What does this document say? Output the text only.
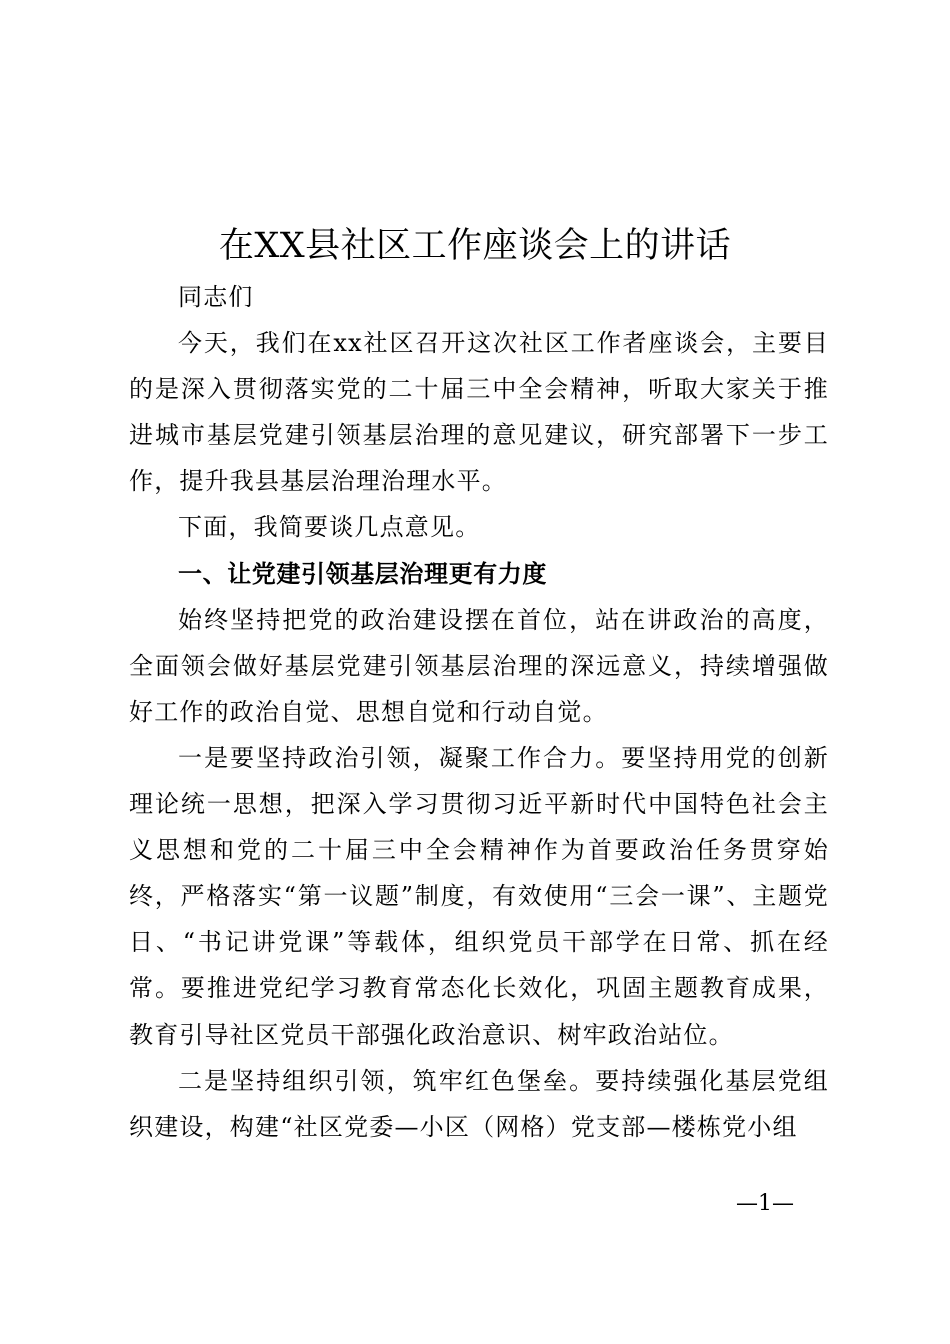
在XX县社区工作座谈会上的讲话

同志们

今天，我们在xx社区召开这次社区工作者座谈会，主要目的是深入贯彻落实党的二十届三中全会精神，听取大家关于推进城市基层党建引领基层治理的意见建议，研究部署下一步工作，提升我县基层治理治理水平。

下面，我简要谈几点意见。

一、让党建引领基层治理更有力度

始终坚持把党的政治建设摆在首位，站在讲政治的高度，全面领会做好基层党建引领基层治理的深远意义，持续增强做好工作的政治自觉、思想自觉和行动自觉。

一是要坚持政治引领，凝聚工作合力。要坚持用党的创新理论统一思想，把深入学习贯彻习近平新时代中国特色社会主义思想和党的二十届三中全会精神作为首要政治任务贯穿始终，严格落实“第一议题”制度，有效使用“三会一课”、主题党日、“书记讲党课”等载体，组织党员干部学在日常、抓在经常。要推进党纪学习教育常态化长效化，巩固主题教育成果，教育引导社区党员干部强化政治意识、树牢政治站位。

二是坚持组织引领，筑牢红色堡垒。要持续强化基层党组织建设，构建“社区党委—小区（网格）党支部—楼栋党小组

—1—
